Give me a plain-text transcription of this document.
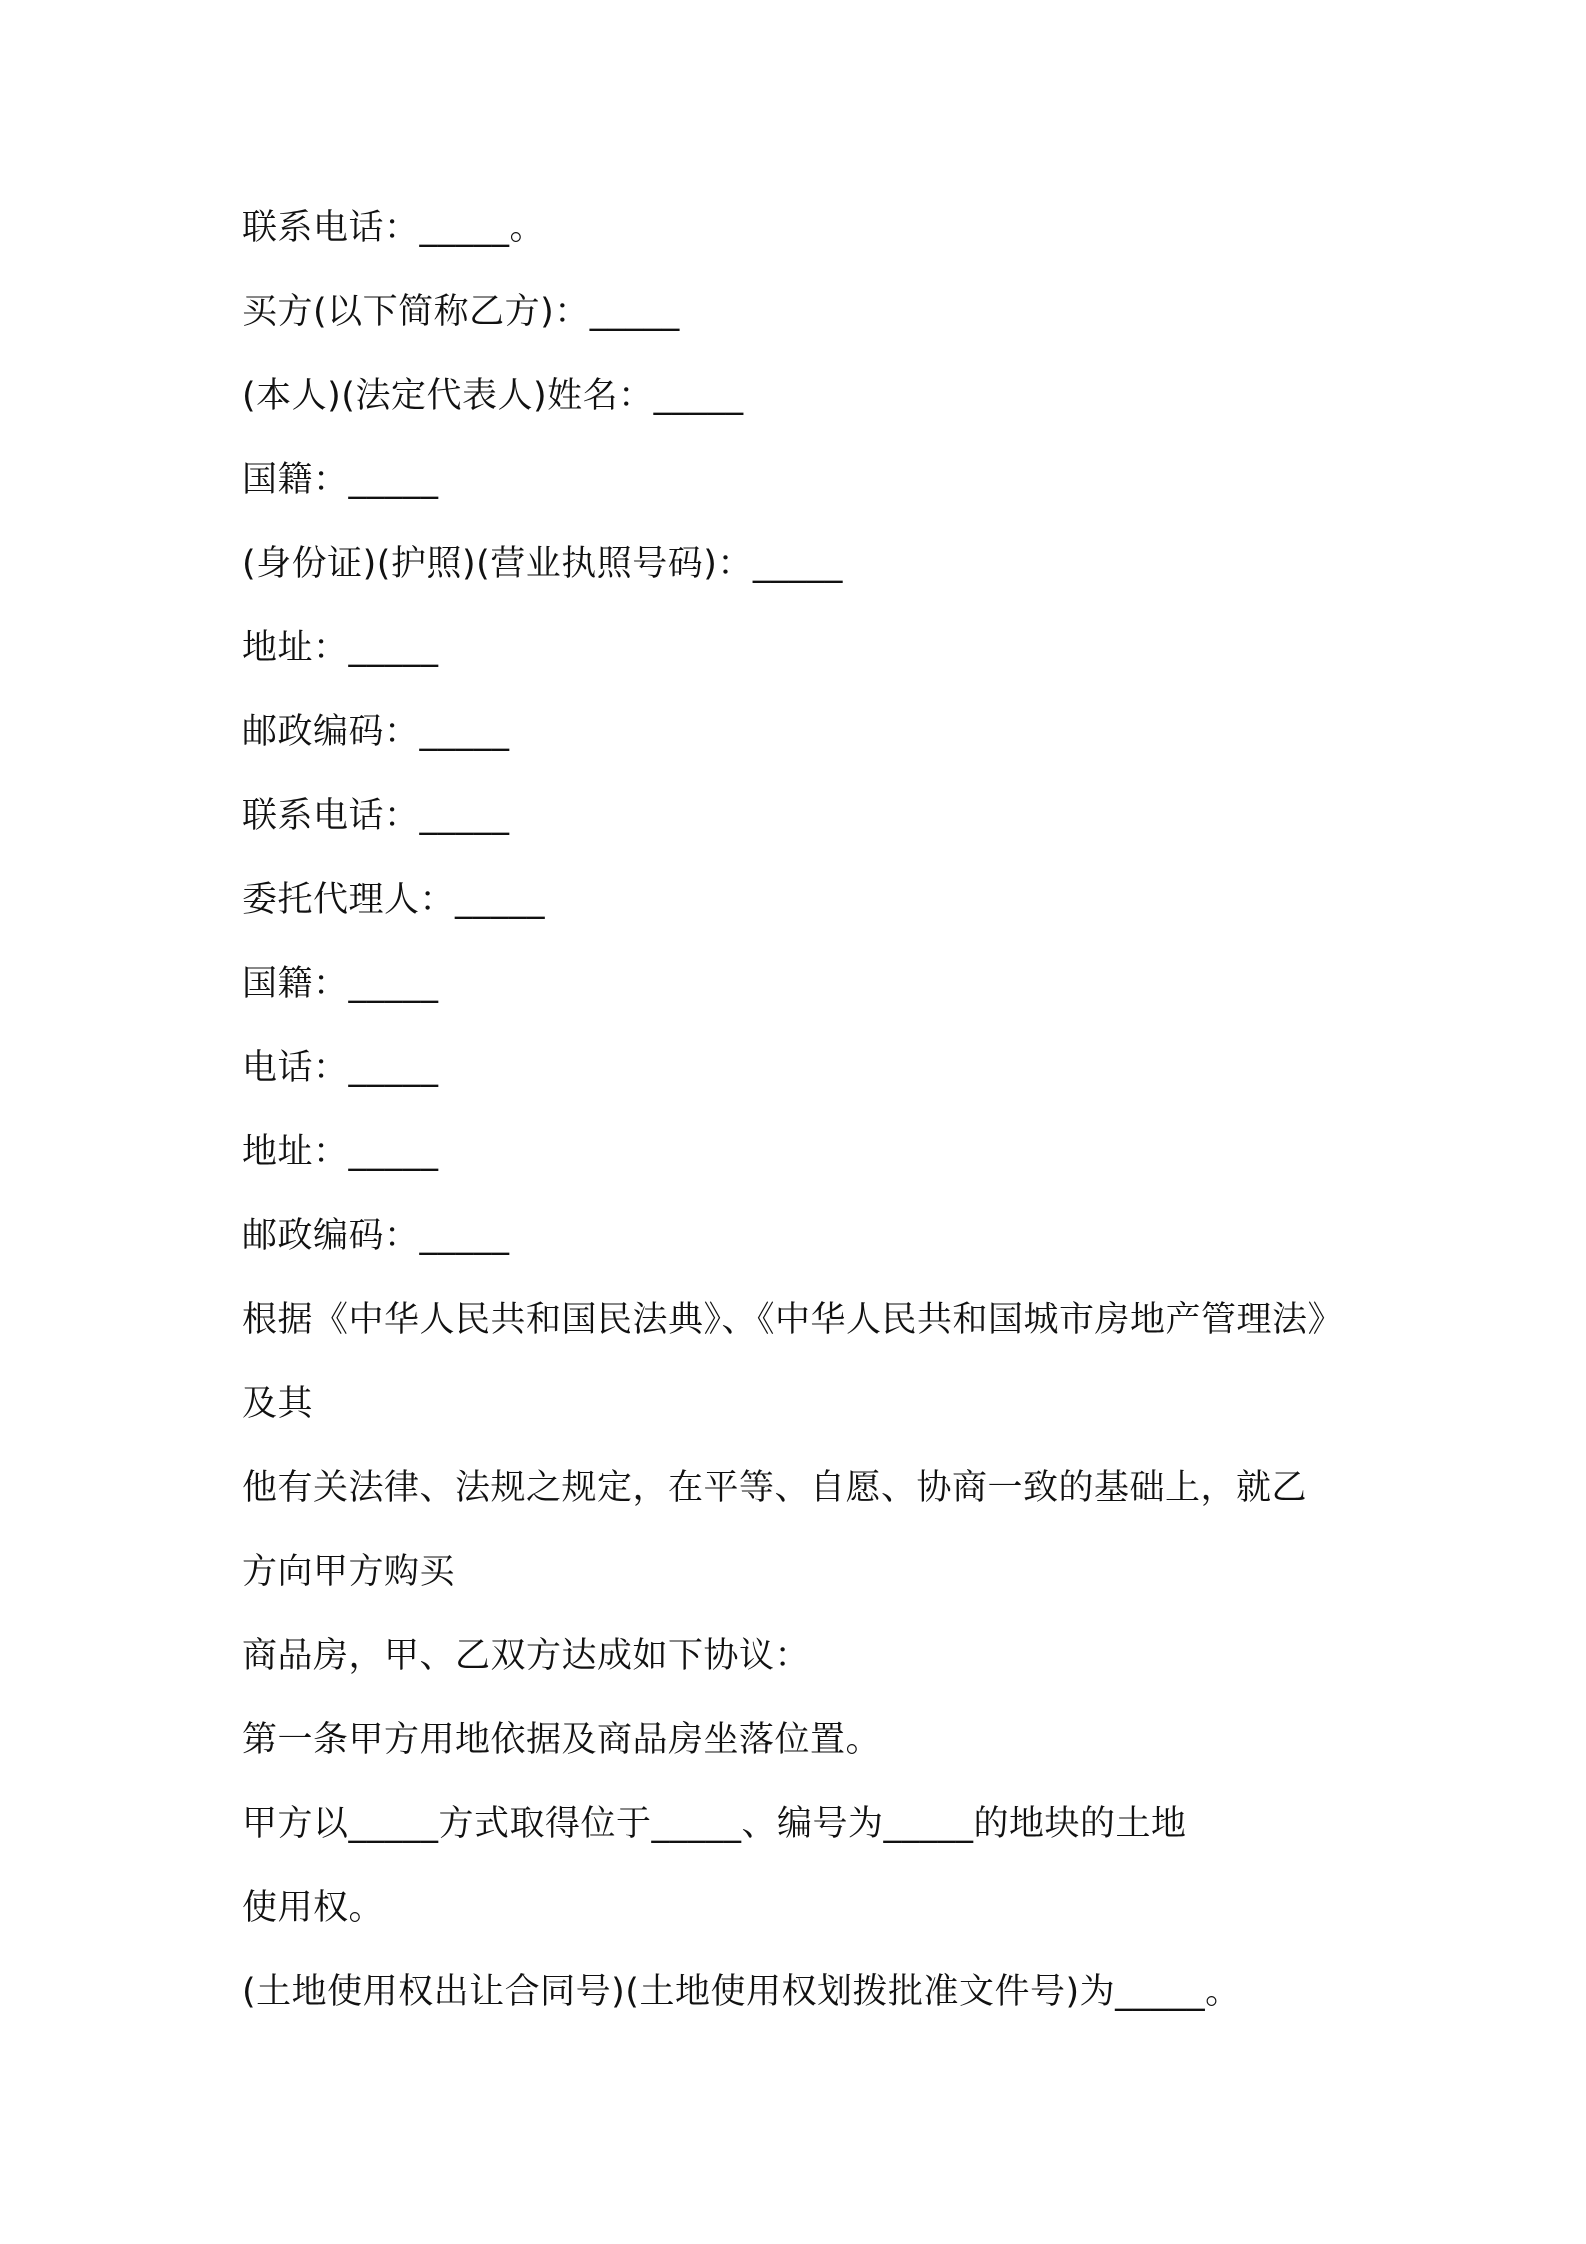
联系电话：_____。
买方(以下简称乙方)：_____
(本人)(法定代表人)姓名：_____
国籍：_____
(身份证)(护照)(营业执照号码)：_____
地址：_____
邮政编码：_____
联系电话：_____
委托代理人：_____
国籍：_____
电话：_____
地址：_____
邮政编码：_____
根据《中华人民共和国民法典》、《中华人民共和国城市房地产管理法》
及其
他有关法律、法规之规定，在平等、自愿、协商一致的基础上，就乙
方向甲方购买
商品房，甲、乙双方达成如下协议：
第一条甲方用地依据及商品房坐落位置。
甲方以_____方式取得位于_____、编号为_____的地块的土地
使用权。
(土地使用权出让合同号)(土地使用权划拨批准文件号)为_____。
